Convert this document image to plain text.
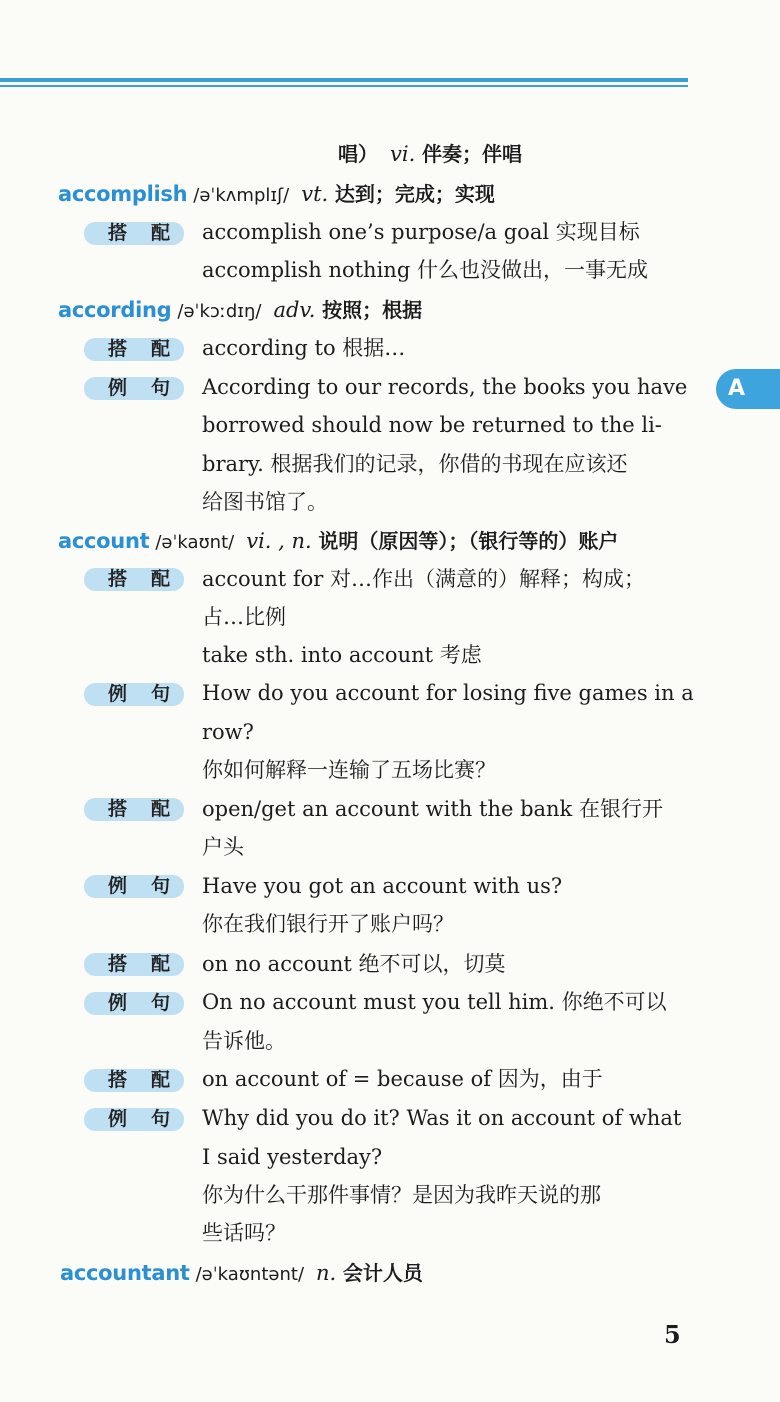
唱） vi. 伴奏；伴唱
accomplish /əˈkʌmplɪʃ/ vt. 达到；完成；实现
搭配 accomplish one’s purpose/a goal 实现目标
accomplish nothing 什么也没做出，一事无成
according /əˈkɔːdɪŋ/ adv. 按照；根据
搭配 according to 根据…
例句 According to our records, the books you have
borrowed should now be returned to the li-
brary. 根据我们的记录，你借的书现在应该还
给图书馆了。
account /əˈkaʊnt/ vi. , n. 说明（原因等）；（银行等的）账户
搭配 account for 对…作出（满意的）解释；构成；
占…比例
take sth. into account 考虑
例句 How do you account for losing five games in a
row?
你如何解释一连输了五场比赛？
搭配 open/get an account with the bank 在银行开
户头
例句 Have you got an account with us?
你在我们银行开了账户吗？
搭配 on no account 绝不可以，切莫
例句 On no account must you tell him. 你绝不可以
告诉他。
搭配 on account of = because of 因为，由于
例句 Why did you do it? Was it on account of what
I said yesterday?
你为什么干那件事情？是因为我昨天说的那
些话吗？
accountant /əˈkaʊntənt/ n. 会计人员
A
5
